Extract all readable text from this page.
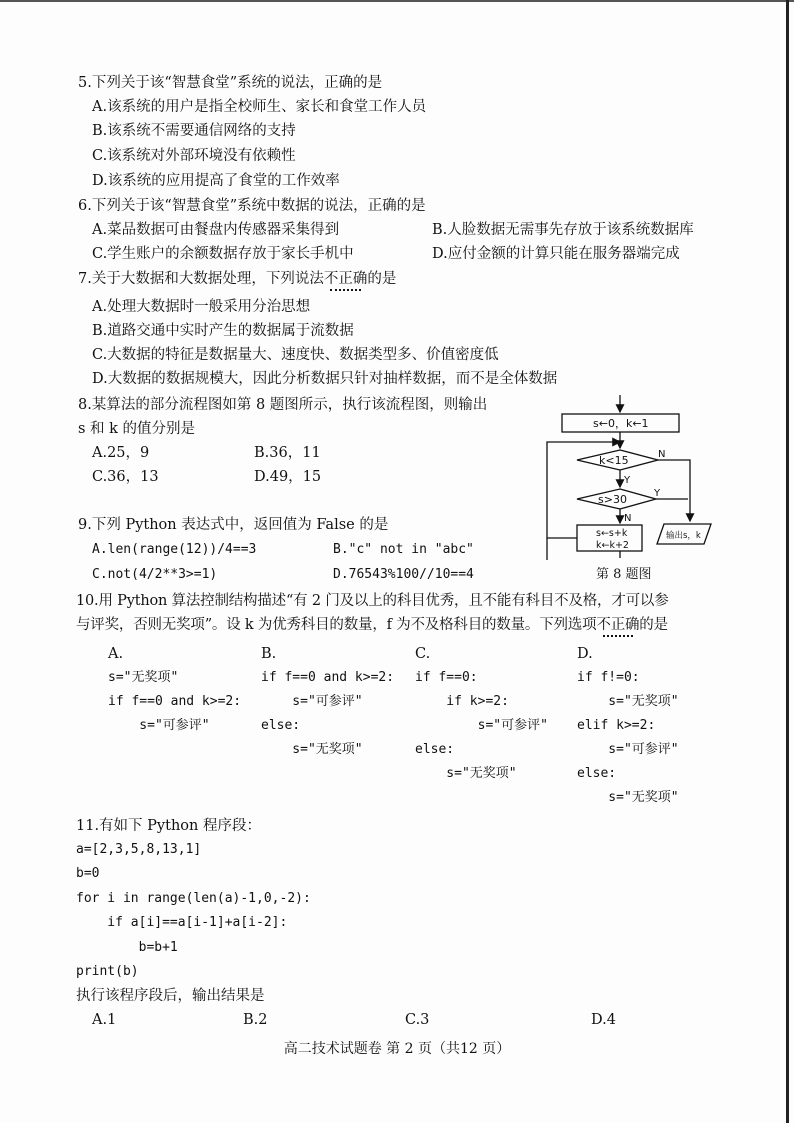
5.下列关于该“智慧食堂”系统的说法，正确的是
A.该系统的用户是指全校师生、家长和食堂工作人员
B.该系统不需要通信网络的支持
C.该系统对外部环境没有依赖性
D.该系统的应用提高了食堂的工作效率
6.下列关于该“智慧食堂”系统中数据的说法，正确的是
A.菜品数据可由餐盘内传感器采集得到	B.人脸数据无需事先存放于该系统数据库
C.学生账户的余额数据存放于家长手机中	D.应付金额的计算只能在服务器端完成
7.关于大数据和大数据处理，下列说法不正确的是
A.处理大数据时一般采用分治思想
B.道路交通中实时产生的数据属于流数据
C.大数据的特征是数据量大、速度快、数据类型多、价值密度低
D.大数据的数据规模大，因此分析数据只针对抽样数据，而不是全体数据
8.某算法的部分流程图如第 8 题图所示，执行该流程图，则输出
s 和 k 的值分别是
A.25，9	B.36，11
C.36，13	D.49，15
s←0，k←1
k<15
s>30
s←s+k
k←k+2
输出s，k
N
Y
Y
N
第 8 题图
9.下列 Python 表达式中，返回值为 False 的是
A.len(range(12))/4==3	B."c" not in "abc"
C.not(4/2**3>=1)	D.76543%100//10==4
10.用 Python 算法控制结构描述“有 2 门及以上的科目优秀，且不能有科目不及格，才可以参
与评奖，否则无奖项”。设 k 为优秀科目的数量，f 为不及格科目的数量。下列选项不正确的是
A.
s="无奖项"
if f==0 and k>=2:
s="可参评"
B.
if f==0 and k>=2:
s="可参评"
else:
s="无奖项"
C.
if f==0:
if k>=2:
s="可参评"
else:
s="无奖项"
D.
if f!=0:
s="无奖项"
elif k>=2:
s="可参评"
else:
s="无奖项"
11.有如下 Python 程序段：
a=[2,3,5,8,13,1]
b=0
for i in range(len(a)-1,0,-2):
if a[i]==a[i-1]+a[i-2]:
b=b+1
print(b)
执行该程序段后，输出结果是
A.1	B.2	C.3	D.4
高二技术试题卷 第 2 页（共12 页）
